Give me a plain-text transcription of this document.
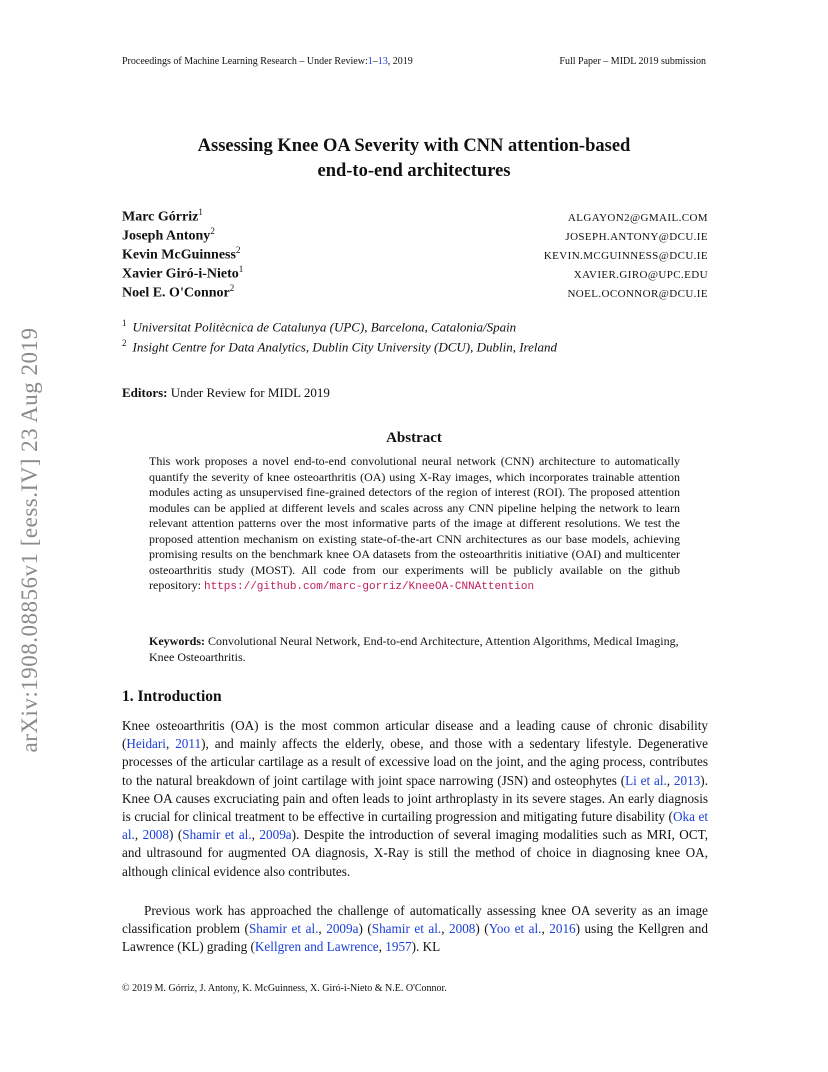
arXiv:1908.08856v1 [eess.IV] 23 Aug 2019
Proceedings of Machine Learning Research – Under Review:1–13, 2019	Full Paper – MIDL 2019 submission
Assessing Knee OA Severity with CNN attention-based
end-to-end architectures
Marc Górriz$^1$	ALGAYON2@GMAIL.COM
Joseph Antony$^2$	JOSEPH.ANTONY@DCU.IE
Kevin McGuinness$^2$	KEVIN.MCGUINNESS@DCU.IE
Xavier Giró-i-Nieto$^1$	XAVIER.GIRO@UPC.EDU
Noel E. O'Connor$^2$	NOEL.OCONNOR@DCU.IE
$^1$ Universitat Politècnica de Catalunya (UPC), Barcelona, Catalonia/Spain
$^2$ Insight Centre for Data Analytics, Dublin City University (DCU), Dublin, Ireland
Editors: Under Review for MIDL 2019
Abstract
This work proposes a novel end-to-end convolutional neural network (CNN) architecture to automatically quantify the severity of knee osteoarthritis (OA) using X-Ray images, which incorporates trainable attention modules acting as unsupervised fine-grained detectors of the region of interest (ROI). The proposed attention modules can be applied at different levels and scales across any CNN pipeline helping the network to learn relevant attention patterns over the most informative parts of the image at different resolutions. We test the proposed attention mechanism on existing state-of-the-art CNN architectures as our base models, achieving promising results on the benchmark knee OA datasets from the osteoarthritis initiative (OAI) and multicenter osteoarthritis study (MOST). All code from our experiments will be publicly available on the github repository: https://github.com/marc-gorriz/KneeOA-CNNAttention
Keywords: Convolutional Neural Network, End-to-end Architecture, Attention Algorithms, Medical Imaging, Knee Osteoarthritis.
1. Introduction
Knee osteoarthritis (OA) is the most common articular disease and a leading cause of chronic disability (Heidari, 2011), and mainly affects the elderly, obese, and those with a sedentary lifestyle. Degenerative processes of the articular cartilage as a result of excessive load on the joint, and the aging process, contributes to the natural breakdown of joint cartilage with joint space narrowing (JSN) and osteophytes (Li et al., 2013). Knee OA causes excruciating pain and often leads to joint arthroplasty in its severe stages. An early diagnosis is crucial for clinical treatment to be effective in curtailing progression and mitigating future disability (Oka et al., 2008) (Shamir et al., 2009a). Despite the introduction of several imaging modalities such as MRI, OCT, and ultrasound for augmented OA diagnosis, X-Ray is still the method of choice in diagnosing knee OA, although clinical evidence also contributes.
Previous work has approached the challenge of automatically assessing knee OA severity as an image classification problem (Shamir et al., 2009a) (Shamir et al., 2008) (Yoo et al., 2016) using the Kellgren and Lawrence (KL) grading (Kellgren and Lawrence, 1957). KL
© 2019 M. Górriz, J. Antony, K. McGuinness, X. Giró-i-Nieto & N.E. O'Connor.
